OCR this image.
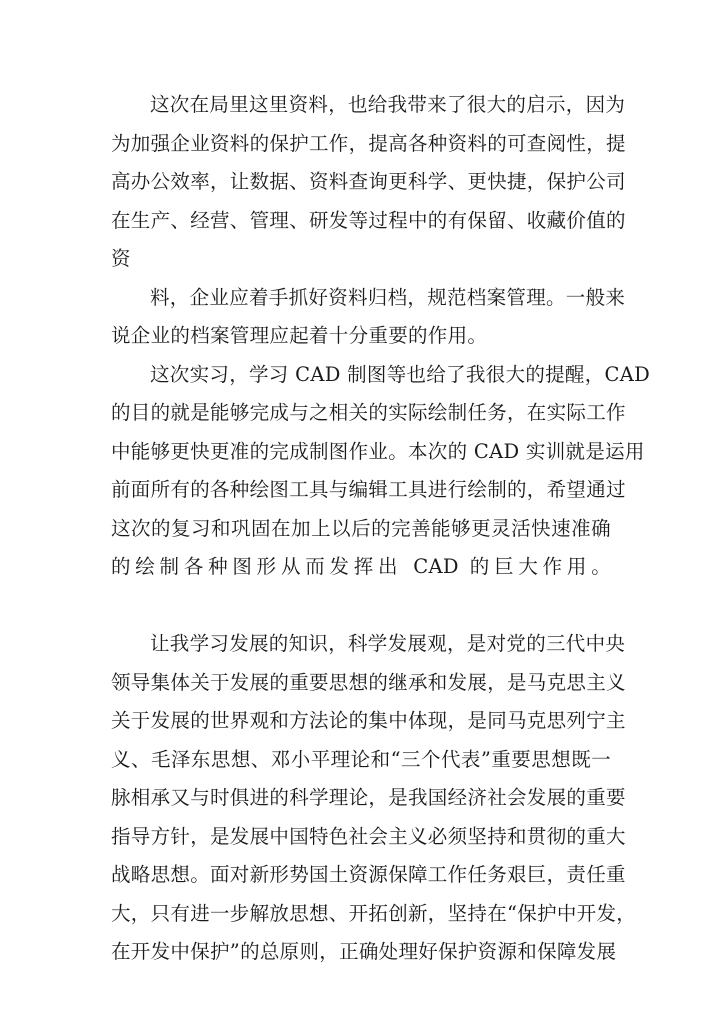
这次在局里这里资料，也给我带来了很大的启示，因为
为加强企业资料的保护工作，提高各种资料的可查阅性，提
高办公效率，让数据、资料查询更科学、更快捷，保护公司
在生产、经营、管理、研发等过程中的有保留、收藏价值的
资
料，企业应着手抓好资料归档，规范档案管理。一般来
说企业的档案管理应起着十分重要的作用。
这次实习，学习 CAD 制图等也给了我很大的提醒，CAD
的目的就是能够完成与之相关的实际绘制任务，在实际工作
中能够更快更准的完成制图作业。本次的 CAD 实训就是运用
前面所有的各种绘图工具与编辑工具进行绘制的，希望通过
这次的复习和巩固在加上以后的完善能够更灵活快速准确
的绘制各种图形从而发挥出 CAD 的巨大作用。
让我学习发展的知识，科学发展观，是对党的三代中央
领导集体关于发展的重要思想的继承和发展，是马克思主义
关于发展的世界观和方法论的集中体现，是同马克思列宁主
义、毛泽东思想、邓小平理论和“三个代表”重要思想既一
脉相承又与时俱进的科学理论，是我国经济社会发展的重要
指导方针，是发展中国特色社会主义必须坚持和贯彻的重大
战略思想。面对新形势国土资源保障工作任务艰巨，责任重
大，只有进一步解放思想、开拓创新，坚持在“保护中开发，
在开发中保护”的总原则，正确处理好保护资源和保障发展
